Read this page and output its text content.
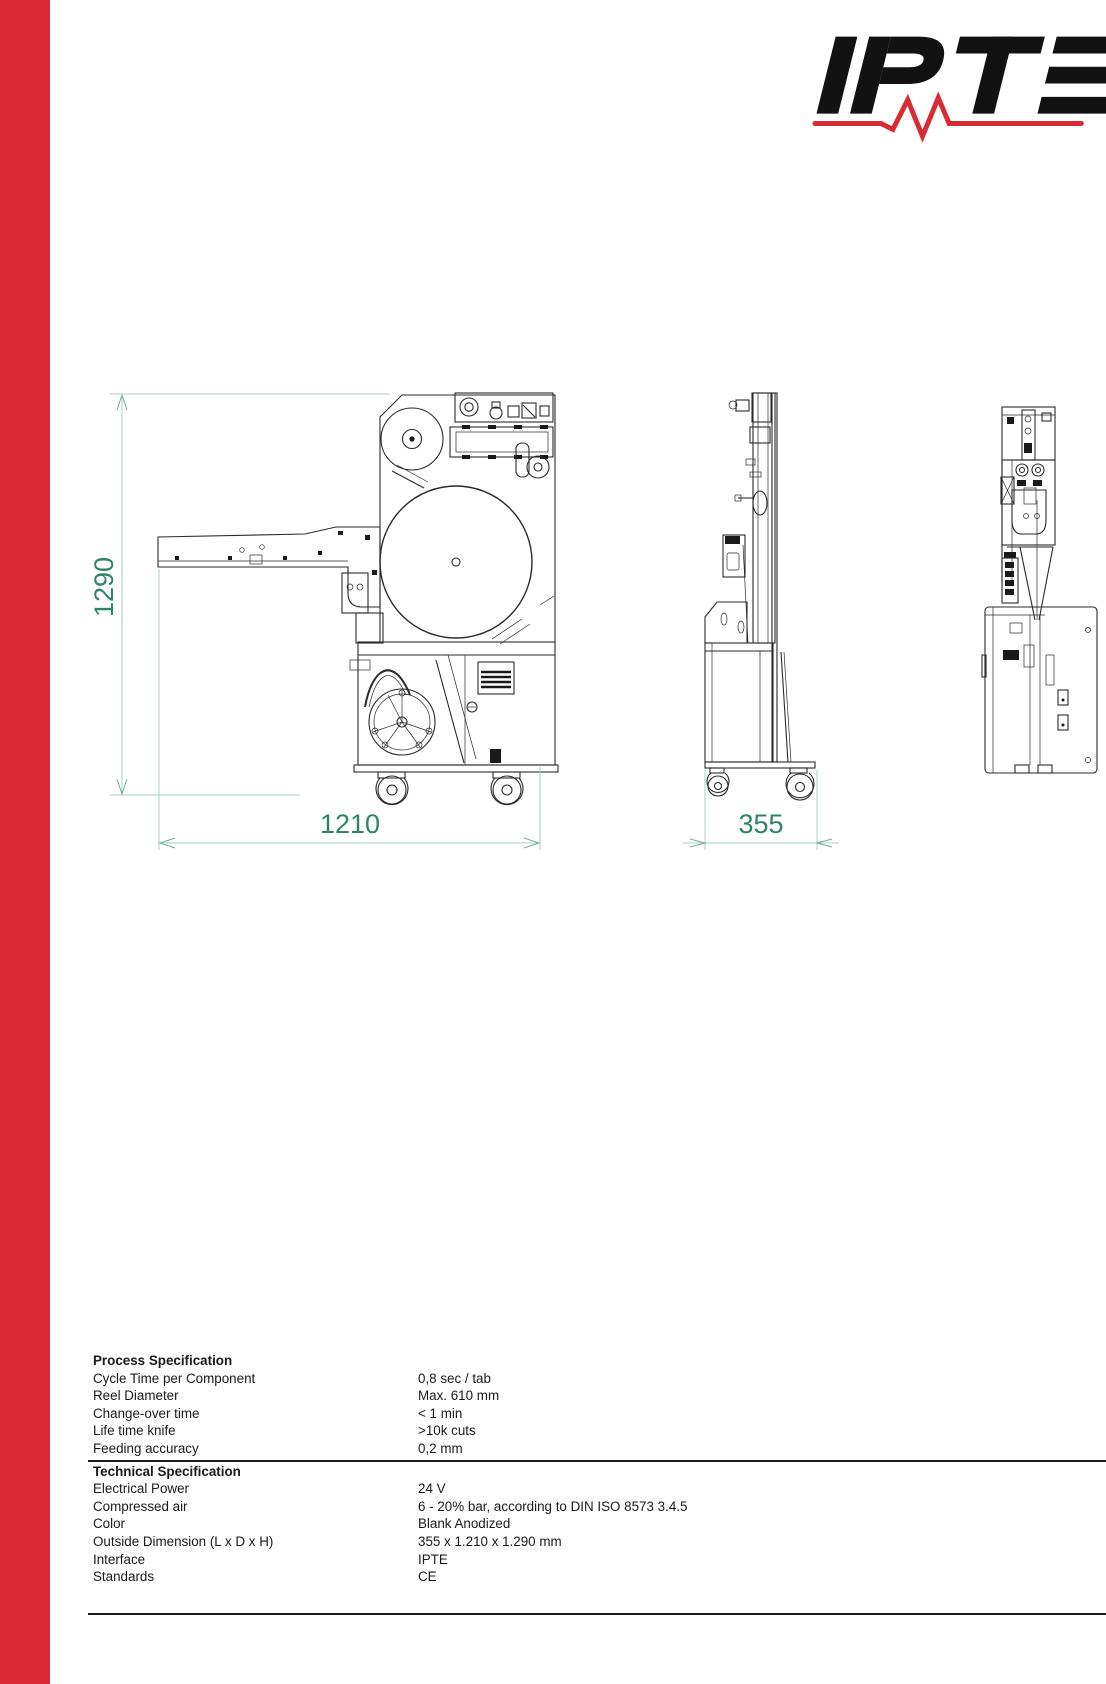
1290
1210	355
Process Specification
Cycle Time per Component	0,8 sec / tab
Reel Diameter	Max. 610 mm
Change-over time	< 1 min
Life time knife	>10k cuts
Feeding accuracy	0,2 mm
Technical Specification
Electrical Power	24 V
Compressed air	6 - 20% bar, according to DIN ISO 8573 3.4.5
Color	Blank Anodized
Outside Dimension (L x D x H)	355 x 1.210 x 1.290 mm
Interface	IPTE
Standards	CE
